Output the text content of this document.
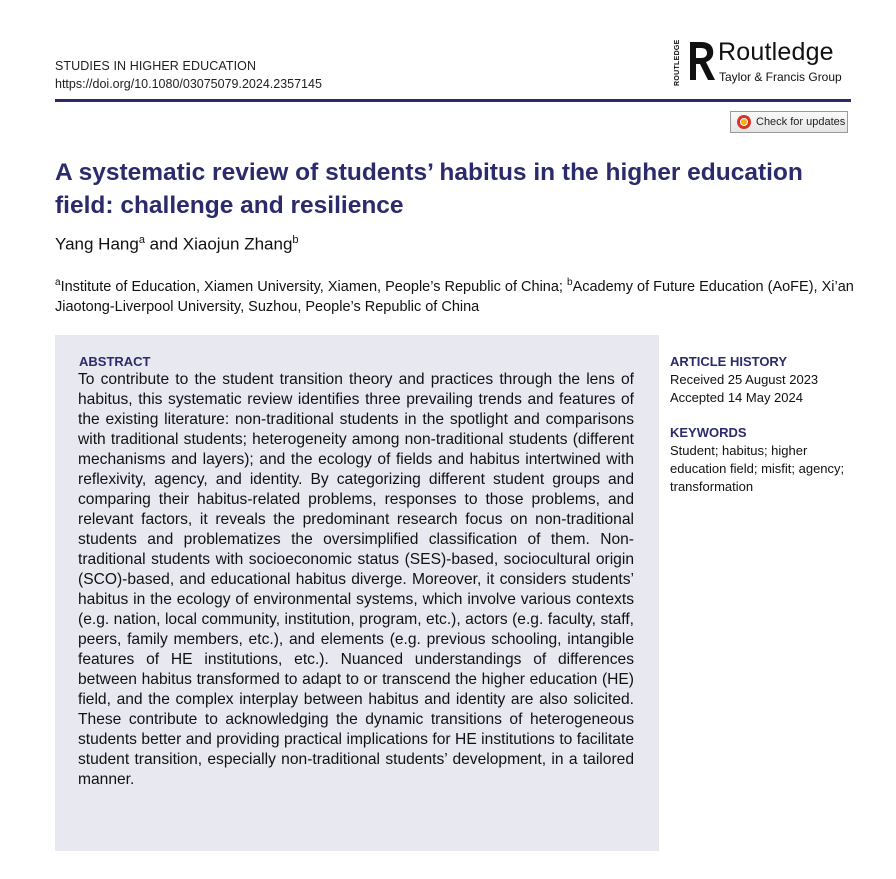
STUDIES IN HIGHER EDUCATION
https://doi.org/10.1080/03075079.2024.2357145	ROUTLEDGE Routledge
Taylor & Francis Group
Check for updates
A systematic review of students’ habitus in the higher education field: challenge and resilience
Yang Hang$^a$ and Xiaojun Zhang$^b$
$^a$Institute of Education, Xiamen University, Xiamen, People’s Republic of China; $^b$Academy of Future Education (AoFE), Xi’an Jiaotong-Liverpool University, Suzhou, People’s Republic of China
ABSTRACT

To contribute to the student transition theory and practices through the lens of habitus, this systematic review identifies three prevailing trends and features of the existing literature: non-traditional students in the spotlight and comparisons with traditional students; heterogeneity among non-traditional students (different mechanisms and layers); and the ecology of fields and habitus intertwined with reflexivity, agency, and identity. By categorizing different student groups and comparing their habitus-related problems, responses to those problems, and relevant factors, it reveals the predominant research focus on non-traditional students and problematizes the oversimplified classification of them. Non-traditional students with socioeconomic status (SES)-based, sociocultural origin (SCO)-based, and educational habitus diverge. Moreover, it considers students’ habitus in the ecology of environmental systems, which involve various contexts (e.g. nation, local community, institution, program, etc.), actors (e.g. faculty, staff, peers, family members, etc.), and elements (e.g. previous schooling, intangible features of HE institutions, etc.). Nuanced understandings of differences between habitus transformed to adapt to or transcend the higher education (HE) field, and the complex interplay between habitus and identity are also solicited. These contribute to acknowledging the dynamic transitions of heterogeneous students better and providing practical implications for HE institutions to facilitate student transition, especially non-traditional students’ development, in a tailored manner.

ARTICLE HISTORY
Received 25 August 2023
Accepted 14 May 2024
KEYWORDS
Student; habitus; higher education field; misfit; agency; transformation
